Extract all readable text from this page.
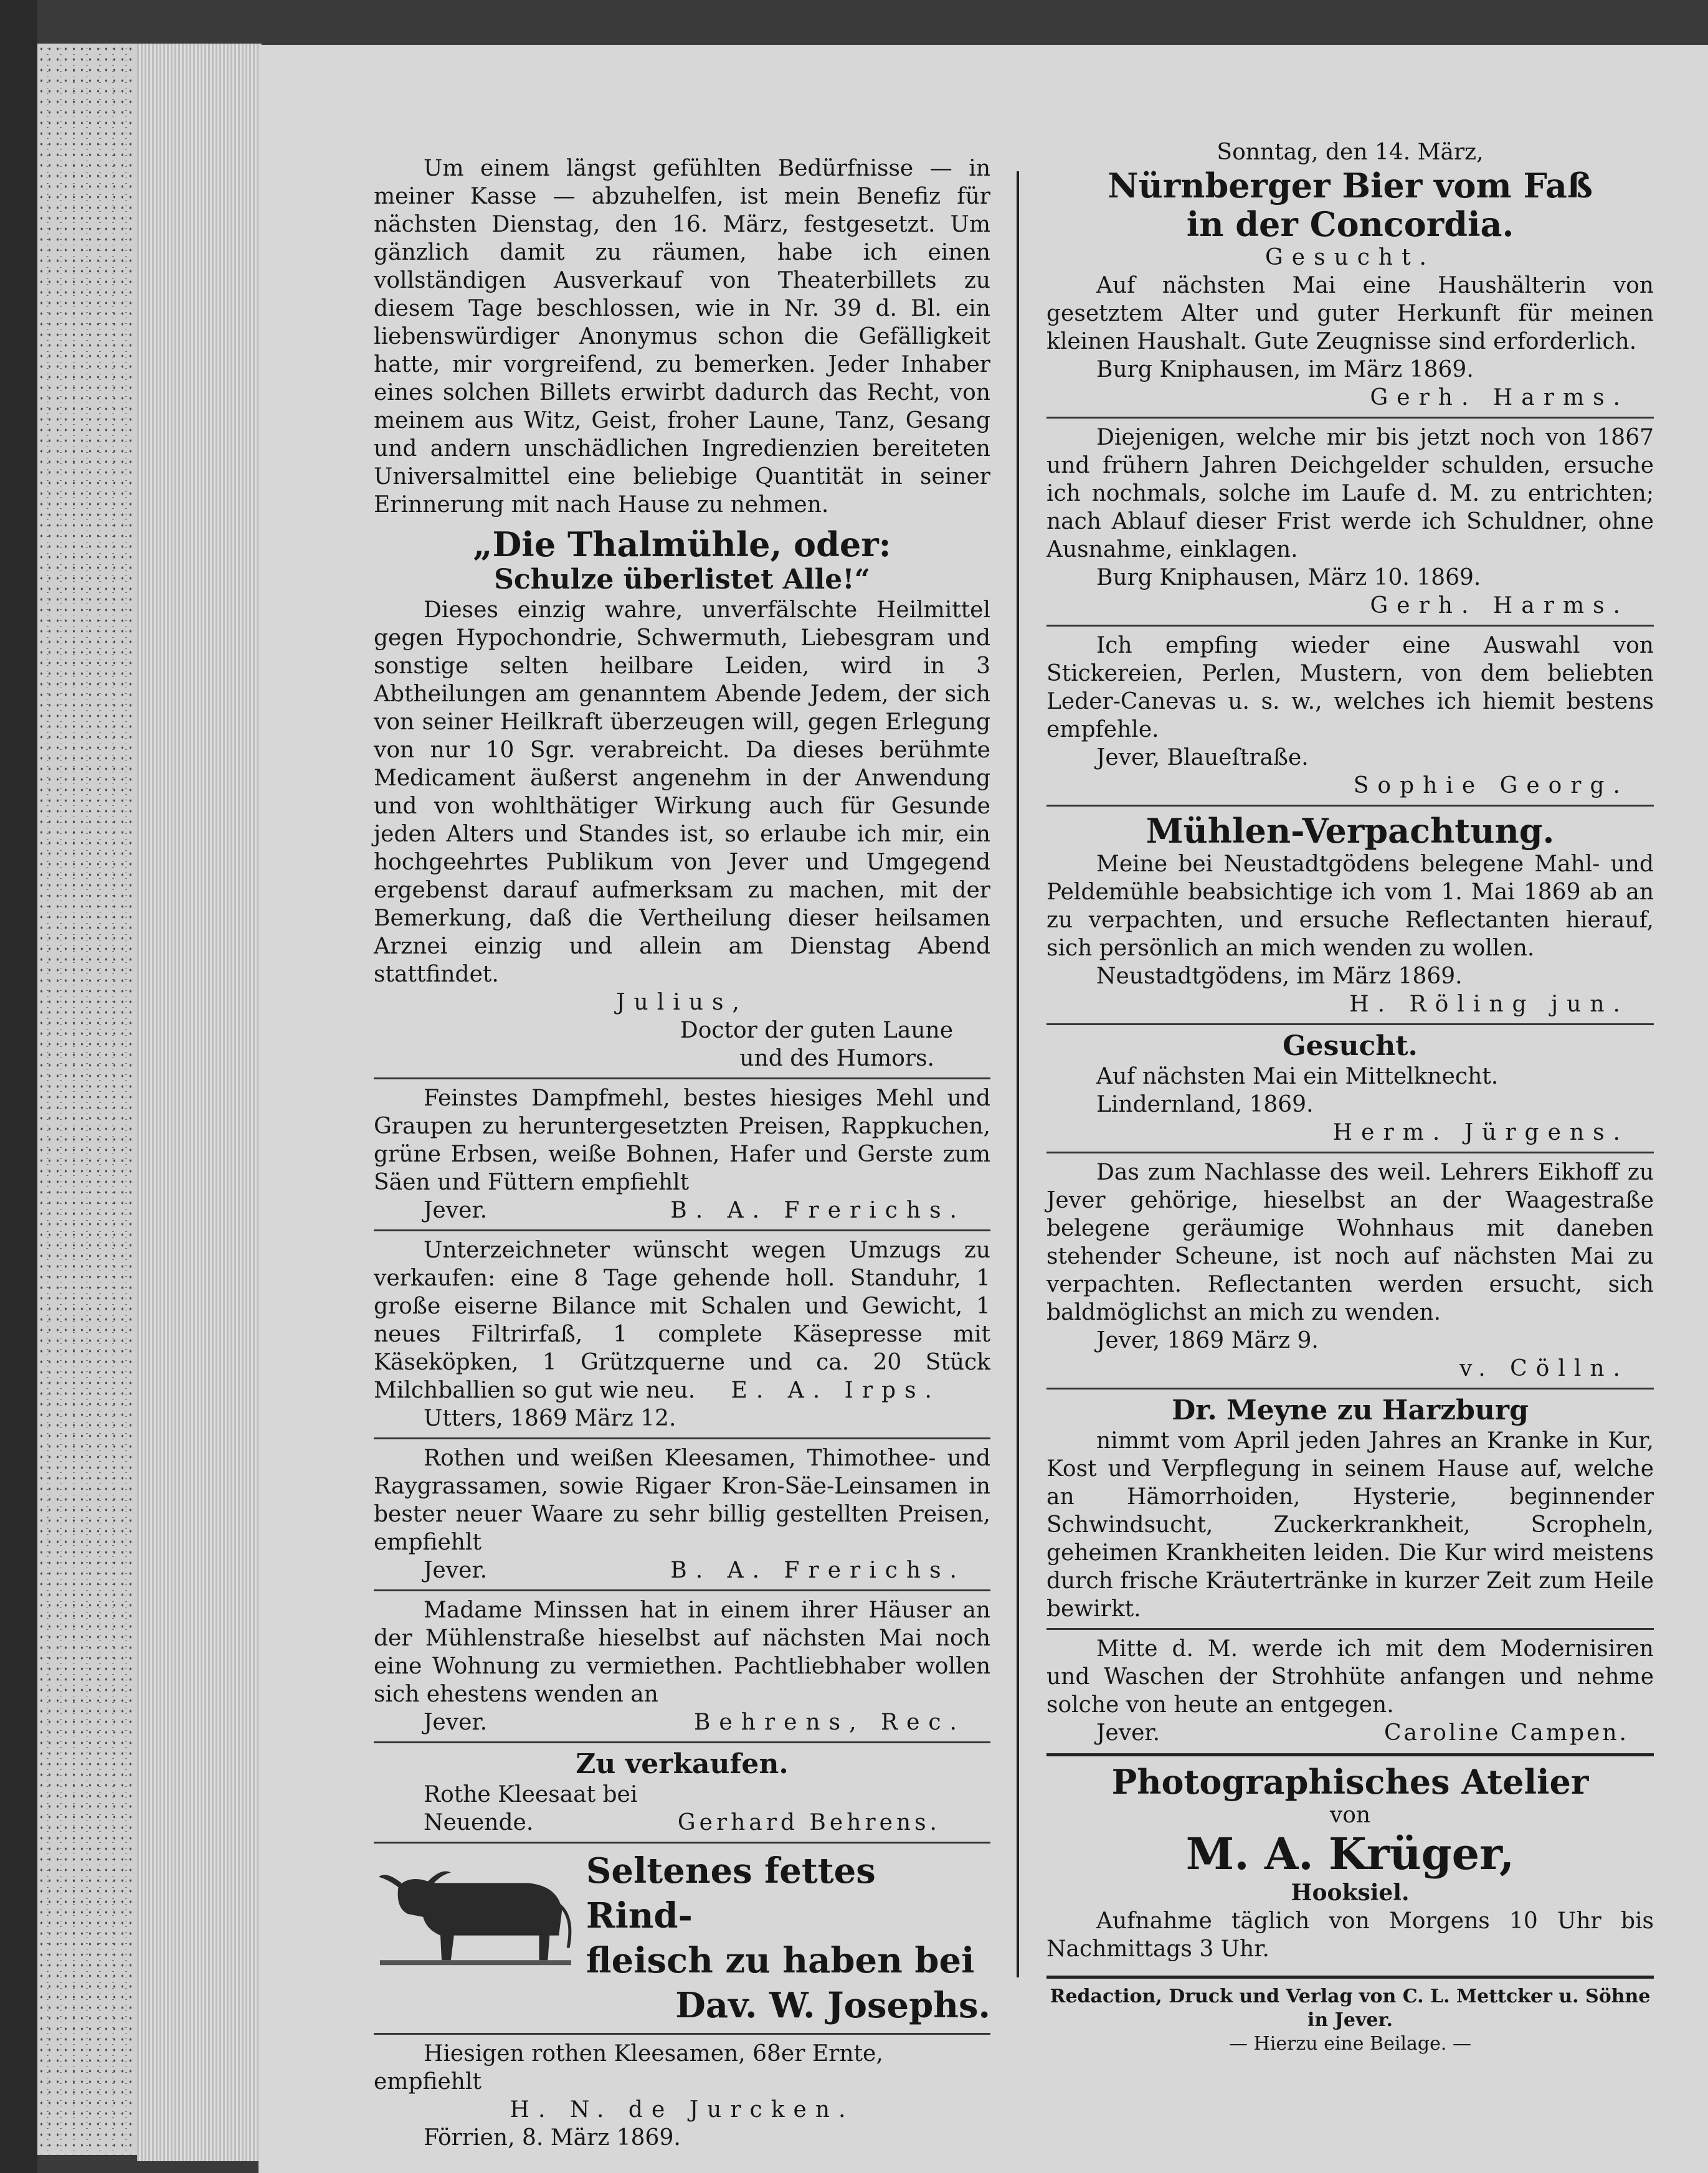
Um einem längst gefühlten Bedürfnisse — in meiner Kasse — abzuhelfen, ist mein Benefiz für nächsten Dienstag, den 16. März, festgesetzt. Um gänzlich damit zu räumen, habe ich einen vollständigen Ausverkauf von Theaterbillets zu diesem Tage beschlossen, wie in Nr. 39 d. Bl. ein liebenswürdiger Anonymus schon die Gefälligkeit hatte, mir vorgreifend, zu bemerken. Jeder Inhaber eines solchen Billets erwirbt dadurch das Recht, von meinem aus Witz, Geist, froher Laune, Tanz, Gesang und andern unschädlichen Ingredienzien bereiteten Universalmittel eine beliebige Quantität in seiner Erinnerung mit nach Hause zu nehmen.

„Die Thalmühle, oder:
Schulze überlistet Alle!“

Dieses einzig wahre, unverfälschte Heilmittel gegen Hypochondrie, Schwermuth, Liebesgram und sonstige selten heilbare Leiden, wird in 3 Abtheilungen am genanntem Abende Jedem, der sich von seiner Heilkraft überzeugen will, gegen Erlegung von nur 10 Sgr. verabreicht. Da dieses berühmte Medicament äußerst angenehm in der Anwendung und von wohlthätiger Wirkung auch für Gesunde jeden Alters und Standes ist, so erlaube ich mir, ein hochgeehrtes Publikum von Jever und Umgegend ergebenst darauf aufmerksam zu machen, mit der Bemerkung, daß die Vertheilung dieser heilsamen Arznei einzig und allein am Dienstag Abend stattfindet.

Julius,

Doctor der guten Laune

und des Humors.

Feinstes Dampfmehl, bestes hiesiges Mehl und Graupen zu heruntergesetzten Preisen, Rappkuchen, grüne Erbsen, weiße Bohnen, Hafer und Gerste zum Säen und Füttern empfiehlt

Jever.	B. A. Frerichs.

Unterzeichneter wünscht wegen Umzugs zu verkaufen: eine 8 Tage gehende holl. Standuhr, 1 große eiserne Bilance mit Schalen und Gewicht, 1 neues Filtrirfaß, 1 complete Käsepresse mit Käseköpken, 1 Grützquerne und ca. 20 Stück Milchballien so gut wie neu.	E. A. Irps.

Utters, 1869 März 12.

Rothen und weißen Kleesamen, Thimothee- und Raygrassamen, sowie Rigaer Kron-Säe-Leinsamen in bester neuer Waare zu sehr billig gestellten Preisen, empfiehlt

Jever.	B. A. Frerichs.

Madame Minssen hat in einem ihrer Häuser an der Mühlenstraße hieselbst auf nächsten Mai noch eine Wohnung zu vermiethen. Pachtliebhaber wollen sich ehestens wenden an

Jever.	Behrens, Rec.
Zu verkaufen.

Rothe Kleesaat bei

Neuende.	Gerhard Behrens.
Seltenes fettes Rind-
fleisch zu haben bei
Dav. W. Josephs.

Hiesigen rothen Kleesamen, 68er Ernte, empfiehlt

H. N. de Jurcken.

Förrien, 8. März 1869.

Sonntag, den 14. März,

Nürnberger Bier vom Faß
in der Concordia.

Gesucht.

Auf nächsten Mai eine Haushälterin von gesetztem Alter und guter Herkunft für meinen kleinen Haushalt. Gute Zeugnisse sind erforderlich.

Burg Kniphausen, im März 1869.

Gerh. Harms.

Diejenigen, welche mir bis jetzt noch von 1867 und frühern Jahren Deichgelder schulden, ersuche ich nochmals, solche im Laufe d. M. zu entrichten; nach Ablauf dieser Frist werde ich Schuldner, ohne Ausnahme, einklagen.

Burg Kniphausen, März 10. 1869.

Gerh. Harms.

Ich empfing wieder eine Auswahl von Stickereien, Perlen, Mustern, von dem beliebten Leder-Canevas u. s. w., welches ich hiemit bestens empfehle.

Jever, Blaueſtraße.

Sophie Georg.

Mühlen-Verpachtung.

Meine bei Neustadtgödens belegene Mahl- und Peldemühle beabsichtige ich vom 1. Mai 1869 ab an zu verpachten, und ersuche Reflectanten hierauf, sich persönlich an mich wenden zu wollen.

Neustadtgödens, im März 1869.

H. Röling jun.

Gesucht.

Auf nächsten Mai ein Mittelknecht.

Lindernland, 1869.

Herm. Jürgens.

Das zum Nachlasse des weil. Lehrers Eikhoff zu Jever gehörige, hieselbst an der Waagestraße belegene geräumige Wohnhaus mit daneben stehender Scheune, ist noch auf nächsten Mai zu verpachten. Reflectanten werden ersucht, sich baldmöglichst an mich zu wenden.

Jever, 1869 März 9.

v. Cölln.

Dr. Meyne zu Harzburg

nimmt vom April jeden Jahres an Kranke in Kur, Kost und Verpflegung in seinem Hause auf, welche an Hämorrhoiden, Hysterie, beginnender Schwindsucht, Zuckerkrankheit, Scropheln, geheimen Krankheiten leiden. Die Kur wird meistens durch frische Kräutertränke in kurzer Zeit zum Heile bewirkt.

Mitte d. M. werde ich mit dem Modernisiren und Waschen der Strohhüte anfangen und nehme solche von heute an entgegen.

Jever.	Caroline Campen.
Photographisches Atelier

von

M. A. Krüger,

Hooksiel.

Aufnahme täglich von Morgens 10 Uhr bis Nachmittags 3 Uhr.

Redaction, Druck und Verlag von C. L. Mettcker u. Söhne in Jever.

— Hierzu eine Beilage. —
